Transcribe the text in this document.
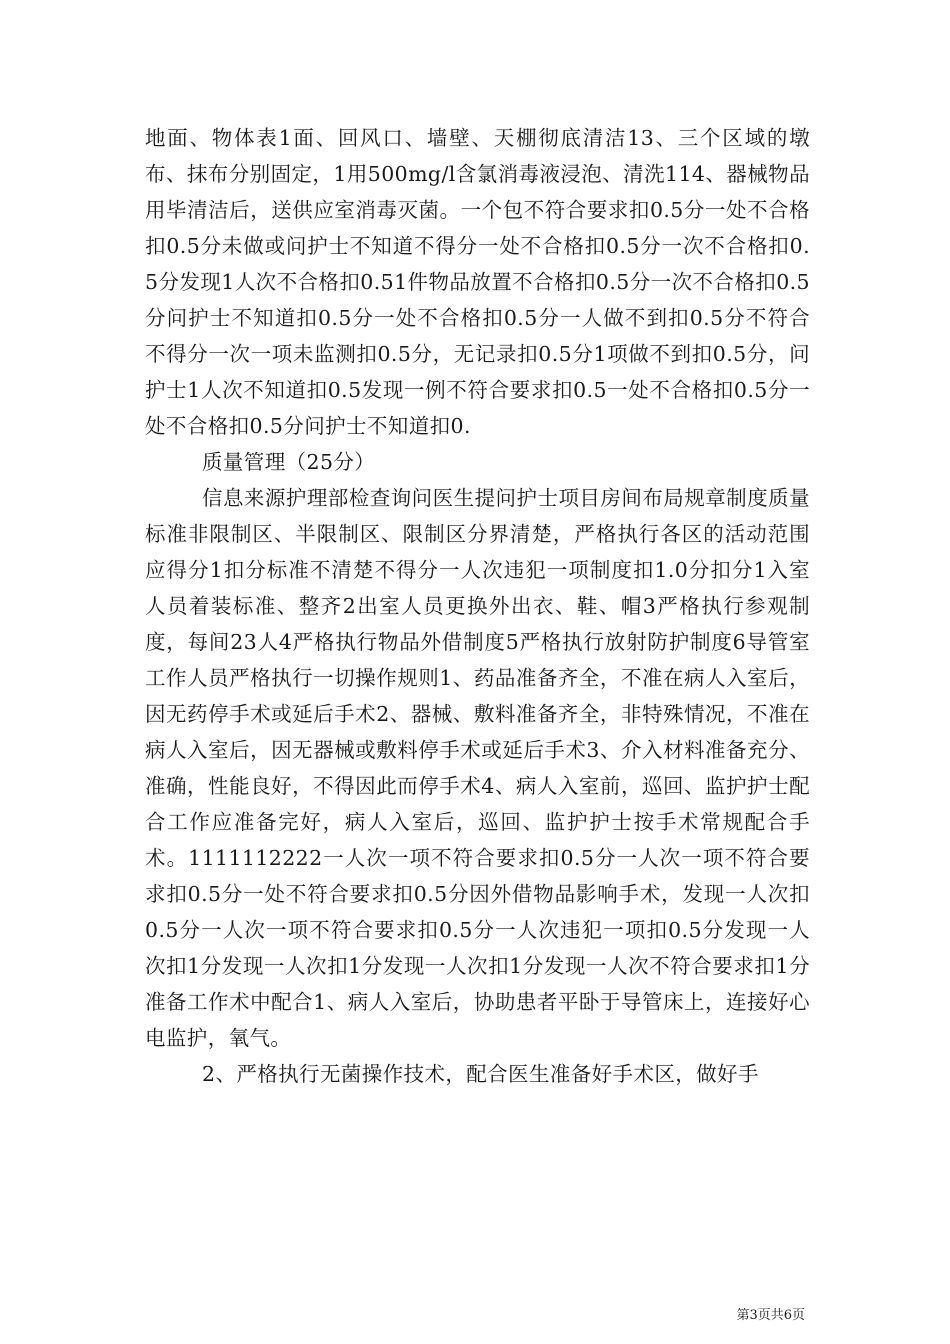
地面、物体表1面、回风口、墙壁、天棚彻底清洁13、三个区域的墩布、抹布分别固定，1用500mg/l含氯消毒液浸泡、清洗114、器械物品用毕清洁后，送供应室消毒灭菌。一个包不符合要求扣0.5分一处不合格扣0.5分未做或问护士不知道不得分一处不合格扣0.5分一次不合格扣0.5分发现1人次不合格扣0.51件物品放置不合格扣0.5分一次不合格扣0.5分问护士不知道扣0.5分一处不合格扣0.5分一人做不到扣0.5分不符合不得分一次一项未监测扣0.5分，无记录扣0.5分1项做不到扣0.5分，问护士1人次不知道扣0.5发现一例不符合要求扣0.5一处不合格扣0.5分一处不合格扣0.5分问护士不知道扣0.

质量管理（25分）

信息来源护理部检查询问医生提问护士项目房间布局规章制度质量标准非限制区、半限制区、限制区分界清楚，严格执行各区的活动范围应得分1扣分标准不清楚不得分一人次违犯一项制度扣1.0分扣分1入室人员着装标准、整齐2出室人员更换外出衣、鞋、帽3严格执行参观制度，每间23人4严格执行物品外借制度5严格执行放射防护制度6导管室工作人员严格执行一切操作规则1、药品准备齐全，不准在病人入室后，因无药停手术或延后手术2、器械、敷料准备齐全，非特殊情况，不准在病人入室后，因无器械或敷料停手术或延后手术3、介入材料准备充分、准确，性能良好，不得因此而停手术4、病人入室前，巡回、监护护士配合工作应准备完好，病人入室后，巡回、监护护士按手术常规配合手术。1111112222一人次一项不符合要求扣0.5分一人次一项不符合要求扣0.5分一处不符合要求扣0.5分因外借物品影响手术，发现一人次扣0.5分一人次一项不符合要求扣0.5分一人次违犯一项扣0.5分发现一人次扣1分发现一人次扣1分发现一人次扣1分发现一人次不符合要求扣1分准备工作术中配合1、病人入室后，协助患者平卧于导管床上，连接好心电监护，氧气。

2、严格执行无菌操作技术，配合医生准备好手术区，做好手

第3页共6页
